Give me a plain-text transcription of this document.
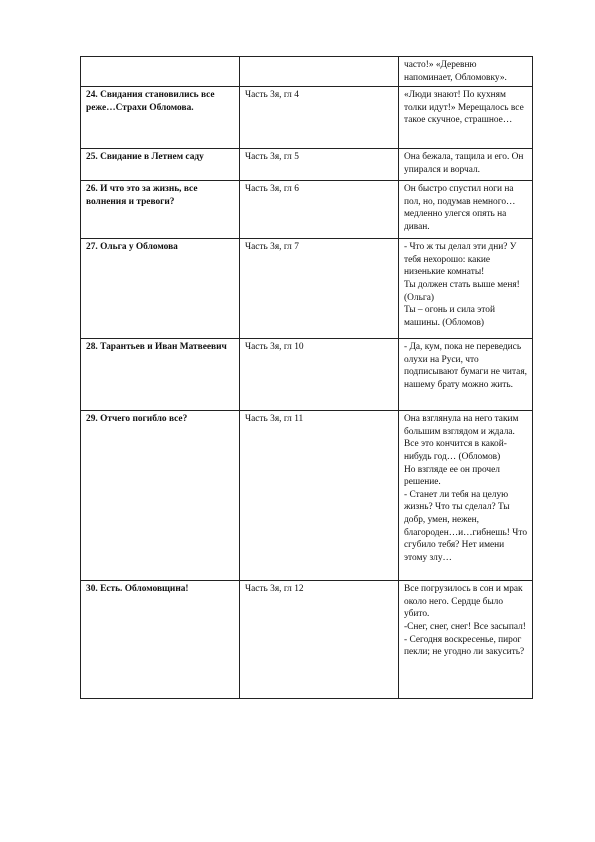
		часто!» «Деревню
напоминает, Обломовку».

24. Свидания становились все реже…Страхи Обломова.	Часть 3я, гл 4	«Люди знают! По кухням толки идут!» Мерещалось все такое скучное, страшное…

25. Свидание в Летнем саду	Часть 3я, гл 5	Она бежала, тащила и его. Он упирался и ворчал.

26. И что это за жизнь, все волнения и тревоги?	Часть 3я, гл 6	Он быстро спустил ноги на пол, но, подумав немного… медленно улегся опять на диван.

27. Ольга у Обломова	Часть 3я, гл 7	- Что ж ты делал эти дни? У тебя нехорошо: какие низенькие комнаты!
Ты должен стать выше меня! (Ольга)
Ты – огонь и сила этой машины. (Обломов)

28. Тарантьев и Иван Матвеевич	Часть 3я, гл 10	- Да, кум, пока не переведись олухи на Руси, что подписывают бумаги не читая, нашему брату можно жить.

29. Отчего погибло все?	Часть 3я, гл 11	Она взглянула на него таким большим взглядом и ждала.
Все это кончится в какой-нибудь год… (Обломов)
Но взгляде ее он прочел решение.
- Станет ли тебя на целую жизнь? Что ты сделал? Ты добр, умен, нежен, благороден…и…гибнешь! Что сгубило тебя? Нет имени этому злу…

30. Есть. Обломовщина!	Часть 3я, гл 12	Все погрузилось в сон и мрак около него. Сердце было убито.
-Снег, снег, снег! Все засыпал!
- Сегодня воскресенье, пирог пекли; не угодно ли закусить?
